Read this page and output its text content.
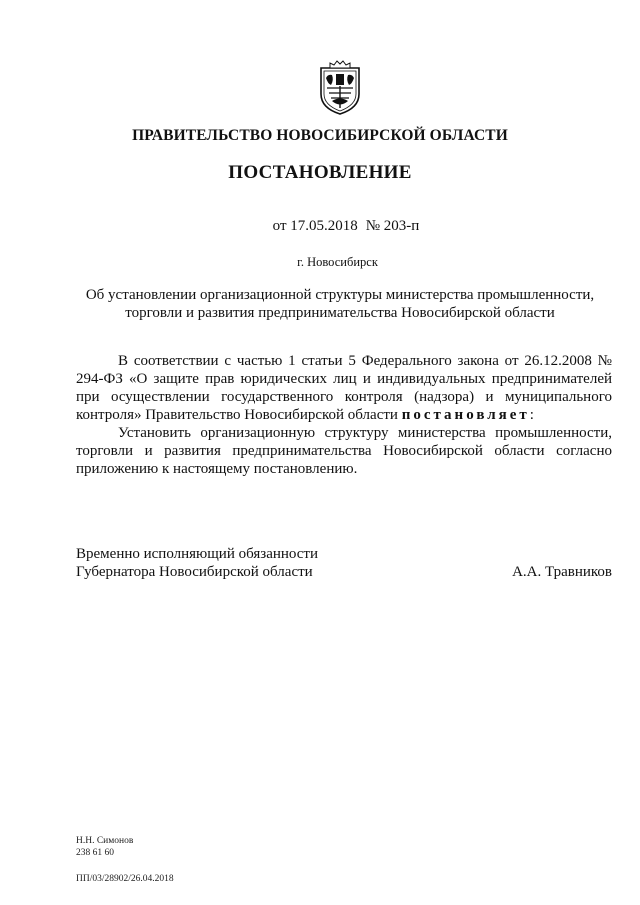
ПРАВИТЕЛЬСТВО НОВОСИБИРСКОЙ ОБЛАСТИ
ПОСТАНОВЛЕНИЕ
от 17.05.2018 № 203-п
г. Новосибирск
Об установлении организационной структуры министерства промышленности,
торговли и развития предпринимательства Новосибирской области

В соответствии с частью 1 статьи 5 Федерального закона от 26.12.2008 № 294-ФЗ «О защите прав юридических лиц и индивидуальных предпринимателей при осуществлении государственного контроля (надзора) и муниципального контроля» Правительство Новосибирской области постановляет:

Установить организационную структуру министерства промышленности, торговли и развития предпринимательства Новосибирской области согласно приложению к настоящему постановлению.

Временно исполняющий обязанности
Губернатора Новосибирской области	А.А. Травников
Н.Н. Симонов
238 61 60
ПП/03/28902/26.04.2018
